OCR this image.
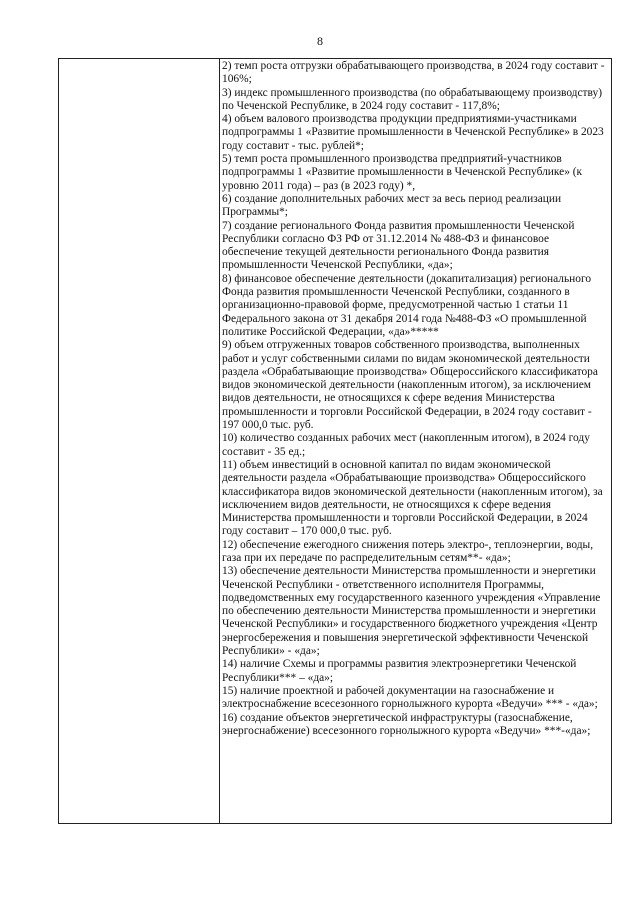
8

2) темп роста отгрузки обрабатывающего производства, в 2024 году составит - 106%;

3) индекс промышленного производства (по обрабатывающему производству) по Чеченской Республике, в 2024 году составит - 117,8%;

4) объем валового производства продукции предприятиями-участниками подпрограммы 1 «Развитие промышленности в Чеченской Республике» в 2023 году составит - тыс. рублей*;

5) темп роста промышленного производства предприятий-участников подпрограммы 1 «Развитие промышленности в Чеченской Республике» (к уровню 2011 года) – раз (в 2023 году) *,

6) создание дополнительных рабочих мест за весь период реализации Программы*;

7) создание регионального Фонда развития промышленности Чеченской Республики согласно ФЗ РФ от 31.12.2014 № 488-ФЗ и финансовое обеспечение текущей деятельности регионального Фонда развития промышленности Чеченской Республики, «да»;

8) финансовое обеспечение деятельности (докапитализация) регионального Фонда развития промышленности Чеченской Республики, созданного в организационно-правовой форме, предусмотренной частью 1 статьи 11 Федерального закона от 31 декабря 2014 года №488-ФЗ «О промышленной политике Российской Федерации, «да»*****

9) объем отгруженных товаров собственного производства, выполненных работ и услуг собственными силами по видам экономической деятельности раздела «Обрабатывающие производства» Общероссийского классификатора видов экономической деятельности (накопленным итогом), за исключением видов деятельности, не относящихся к сфере ведения Министерства промышленности и торговли Российской Федерации, в 2024 году составит - 197 000,0 тыс. руб.

10) количество созданных рабочих мест (накопленным итогом), в 2024 году составит - 35 ед.;

11) объем инвестиций в основной капитал по видам экономической деятельности раздела «Обрабатывающие производства» Общероссийского классификатора видов экономической деятельности (накопленным итогом), за исключением видов деятельности, не относящихся к сфере ведения Министерства промышленности и торговли Российской Федерации, в 2024 году составит – 170 000,0 тыс. руб.

12) обеспечение ежегодного снижения потерь электро-, теплоэнергии, воды, газа при их передаче по распределительным сетям**- «да»;

13) обеспечение деятельности Министерства промышленности и энергетики Чеченской Республики - ответственного исполнителя Программы, подведомственных ему государственного казенного учреждения «Управление по обеспечению деятельности Министерства промышленности и энергетики Чеченской Республики» и государственного бюджетного учреждения «Центр энергосбережения и повышения энергетической эффективности Чеченской Республики» - «да»;

14) наличие Схемы и программы развития электроэнергетики Чеченской Республики*** – «да»;

15) наличие проектной и рабочей документации на газоснабжение и электроснабжение всесезонного горнолыжного курорта «Ведучи» *** - «да»;

16) создание объектов энергетической инфраструктуры (газоснабжение, энергоснабжение) всесезонного горнолыжного курорта «Ведучи» ***-«да»;
